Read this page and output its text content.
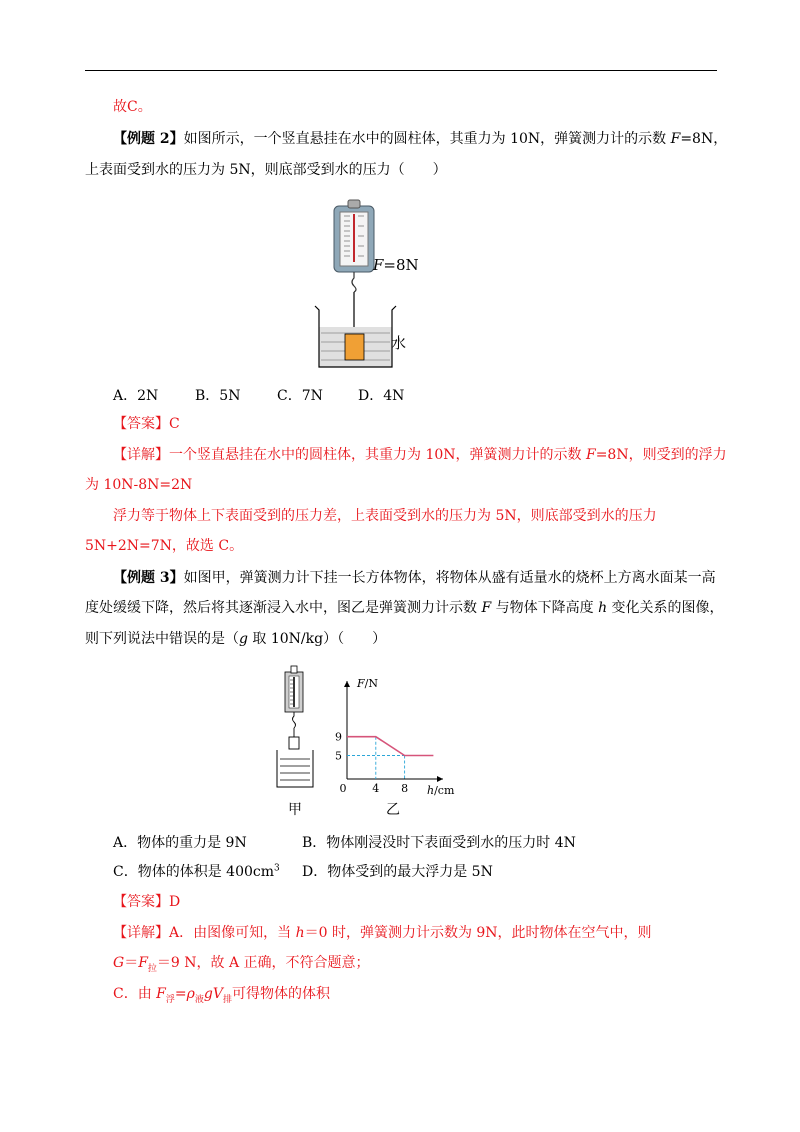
故C。
【例题 2】如图所示，一个竖直悬挂在水中的圆柱体，其重力为 10N，弹簧测力计的示数 F=8N，
上表面受到水的压力为 5N，则底部受到水的压力（　　）
F=8N
水
A．2N	B．5N	C．7N	D．4N
【答案】C
【详解】一个竖直悬挂在水中的圆柱体，其重力为 10N，弹簧测力计的示数 F=8N，则受到的浮力
为 10N-8N=2N
浮力等于物体上下表面受到的压力差，上表面受到水的压力为 5N，则底部受到水的压力
5N+2N=7N，故选 C。
【例题 3】如图甲，弹簧测力计下挂一长方体物体，将物体从盛有适量水的烧杯上方离水面某一高
度处缓缓下降，然后将其逐渐浸入水中，图乙是弹簧测力计示数 F 与物体下降高度 h 变化关系的图像，
则下列说法中错误的是（g 取 10N/kg）（　　）
甲
0 4 8
9
5
F/N
h/cm
乙
A．物体的重力是 9N	B．物体刚浸没时下表面受到水的压力时 4N
C．物体的体积是 $400cm^3$ D．物体受到的最大浮力是 5N
【答案】D
【详解】A．由图像可知，当 h＝0 时，弹簧测力计示数为 9N，此时物体在空气中，则
$G=F_拉=9$ N，故 A 正确，不符合题意；
C．由 $F_浮=\rho_液gV_排$可得物体的体积
